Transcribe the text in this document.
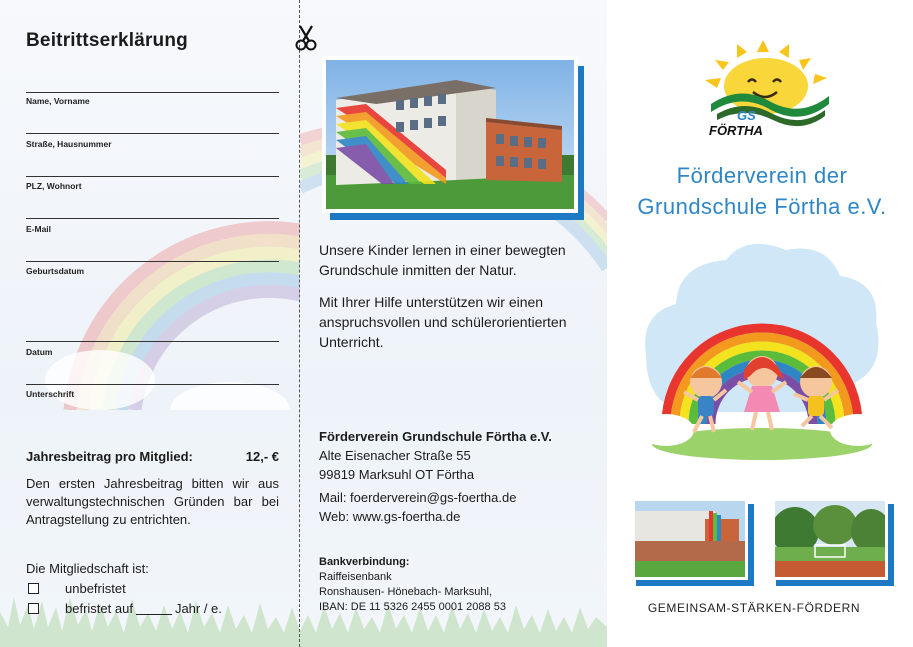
Beitrittserklärung
Name, Vorname
Straße, Hausnummer
PLZ, Wohnort
E-Mail
Geburtsdatum
Datum
Unterschrift
Jahresbeitrag pro Mitglied:	12,- €
Den ersten Jahresbeitrag bitten wir aus verwaltungstechnischen Gründen bar bei Antragstellung zu entrichten.
Die Mitgliedschaft ist:
unbefristet
befristet auf	Jahr / e.
Unsere Kinder lernen in einer bewegten Grundschule inmitten der Natur.
Mit Ihrer Hilfe unterstützen wir einen anspruchsvollen und schülerorientierten Unterricht.
Förderverein Grundschule Förtha e.V.
Alte Eisenacher Straße 55
99819 Marksuhl OT Förtha
Mail: foerderverein@gs-foertha.de
Web: www.gs-foertha.de
Bankverbindung:
Raiffeisenbank
Ronshausen- Hönebach- Marksuhl,
IBAN: DE 11 5326 2455 0001 2088 53
GS
FÖRTHA
Förderverein der
Grundschule Förtha e.V.
GEMEINSAM-STÄRKEN-FÖRDERN
